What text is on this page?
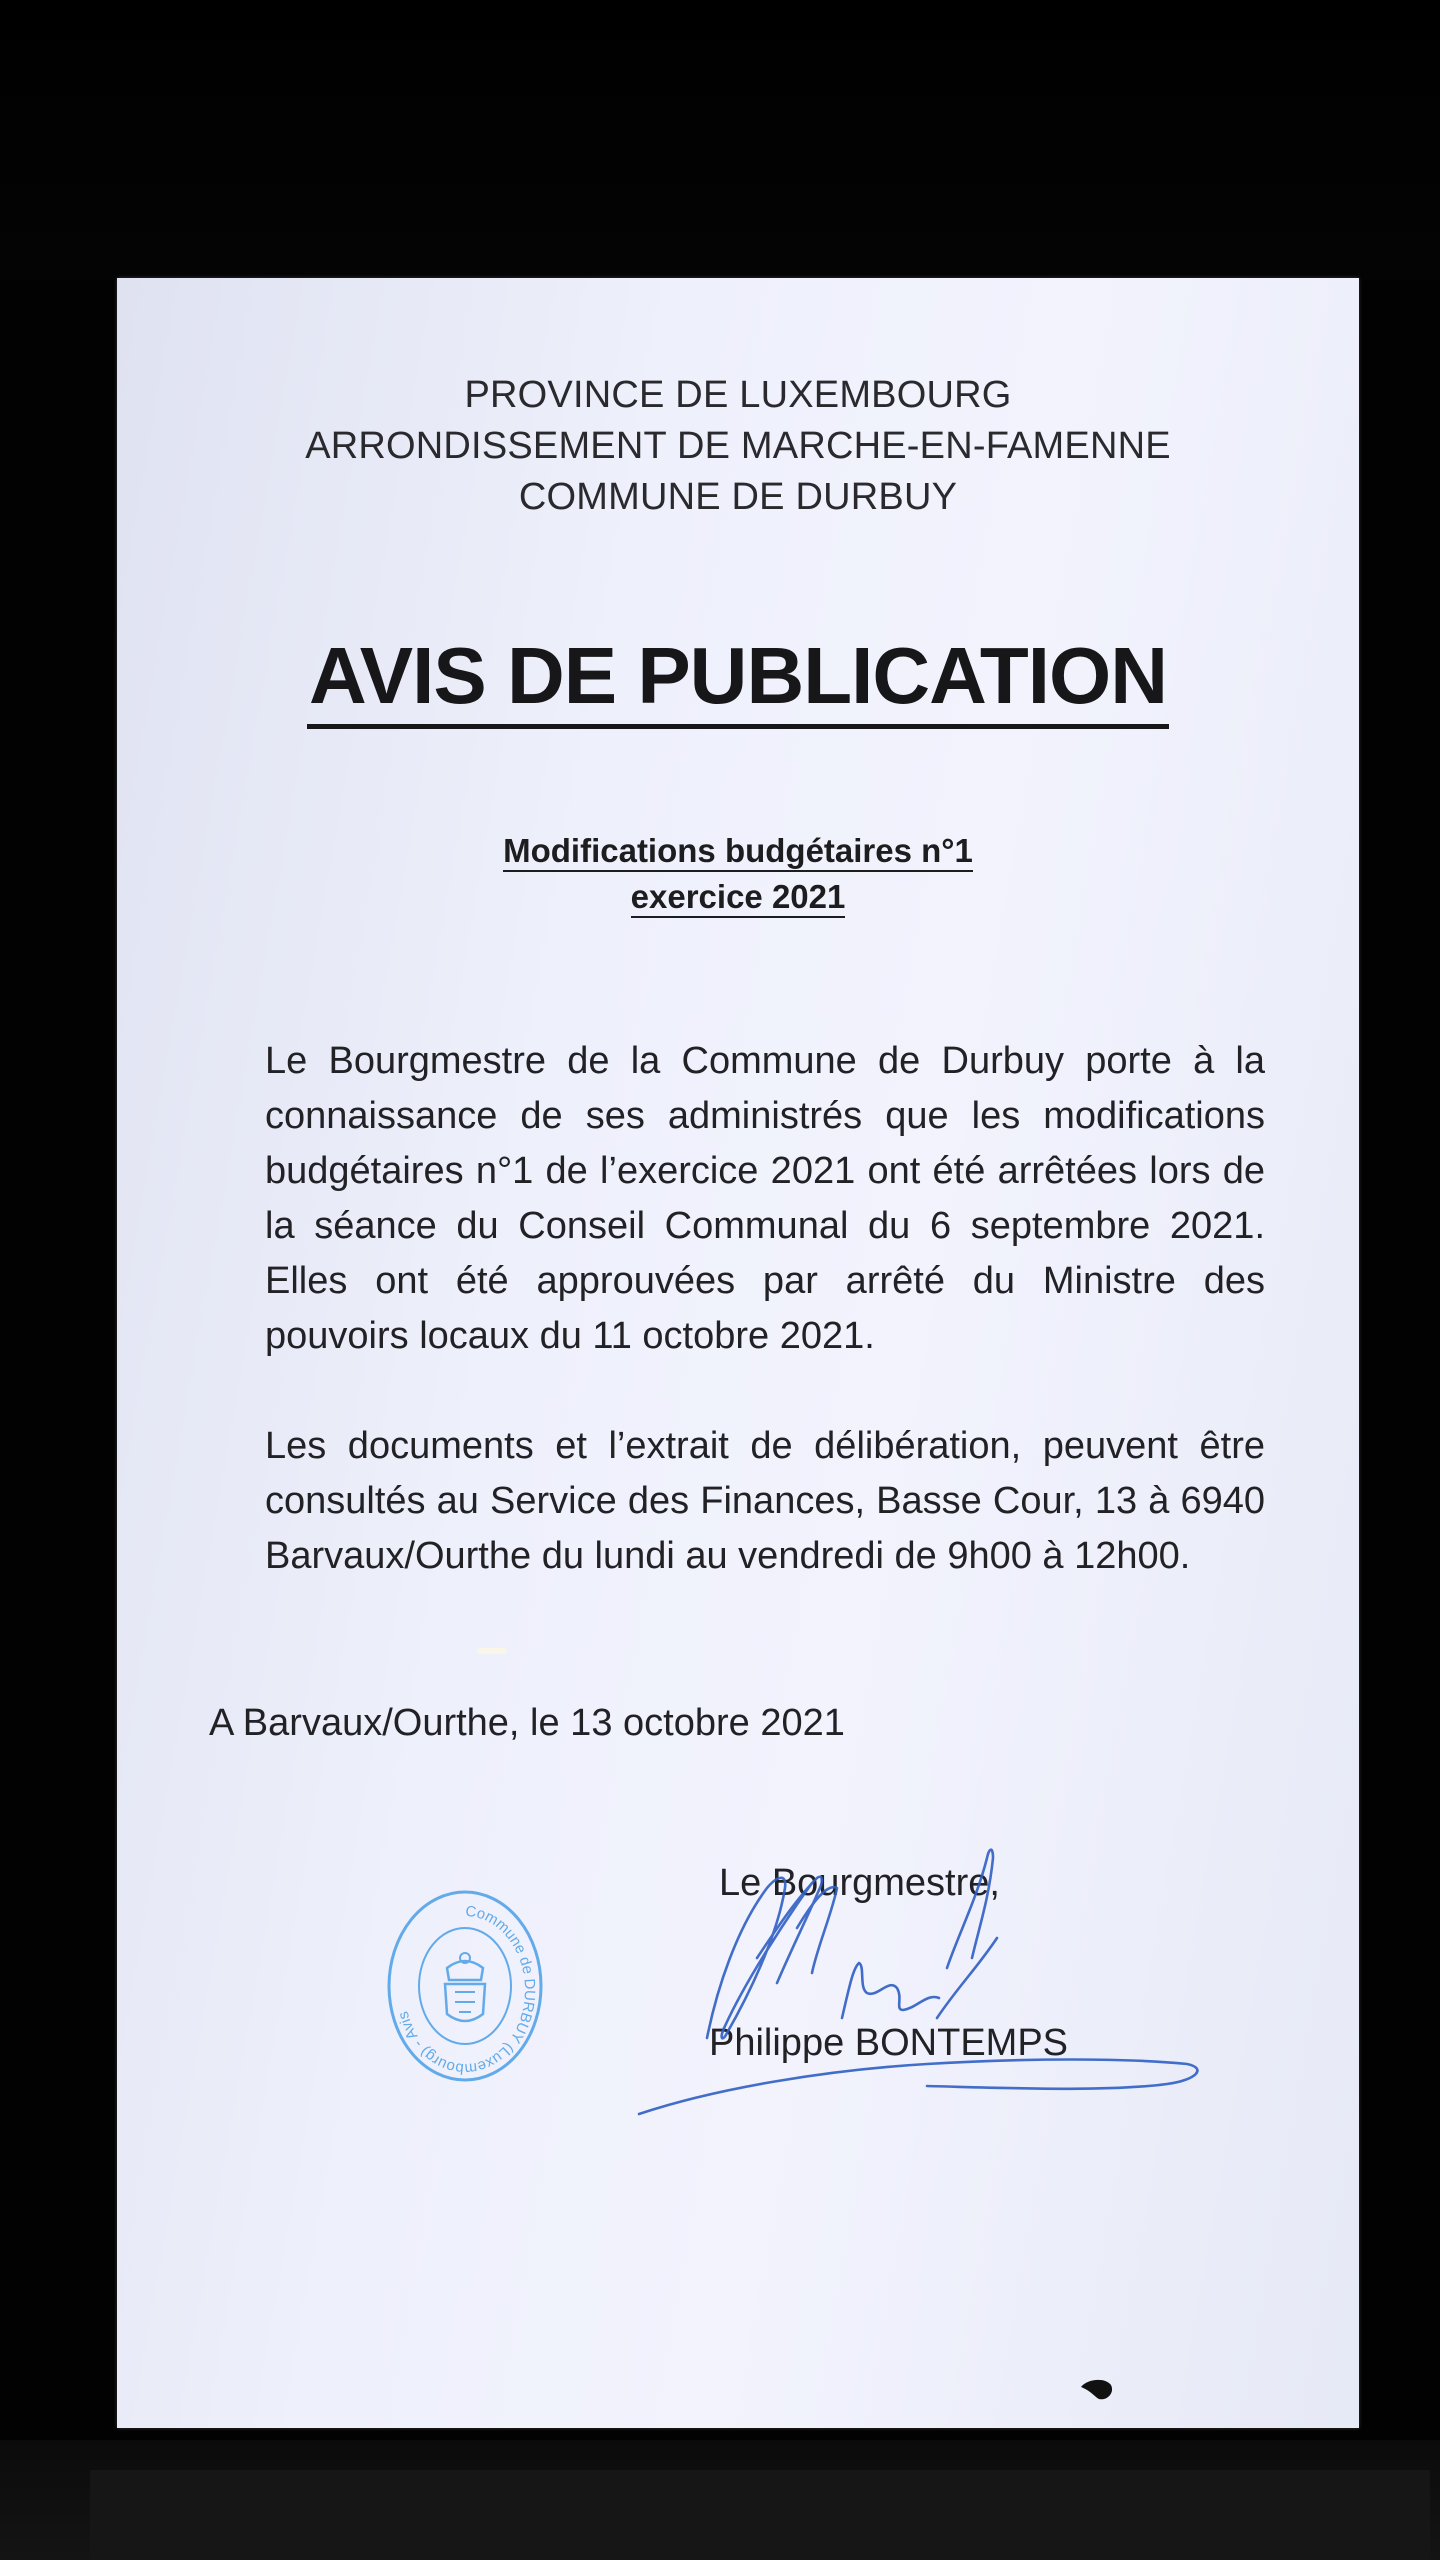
PROVINCE DE LUXEMBOURG
ARRONDISSEMENT DE MARCHE-EN-FAMENNE
COMMUNE DE DURBUY
AVIS DE PUBLICATION
Modifications budgétaires n°1
exercice 2021
Le Bourgmestre de la Commune de Durbuy porte à la connaissance de ses administrés que les modifications budgétaires n°1 de l’exercice 2021 ont été arrêtées lors de la séance du Conseil Communal du 6 septembre 2021. Elles ont été approuvées par arrêté du Ministre des pouvoirs locaux du 11 octobre 2021.
Les documents et l’extrait de délibération, peuvent être consultés au Service des Finances, Basse Cour, 13 à 6940 Barvaux/Ourthe du lundi au vendredi de 9h00 à 12h00.
A Barvaux/Ourthe, le 13 octobre 2021
Commune de DURBUY (Luxembourg) - Avis
Le Bourgmestre,
Philippe BONTEMPS
